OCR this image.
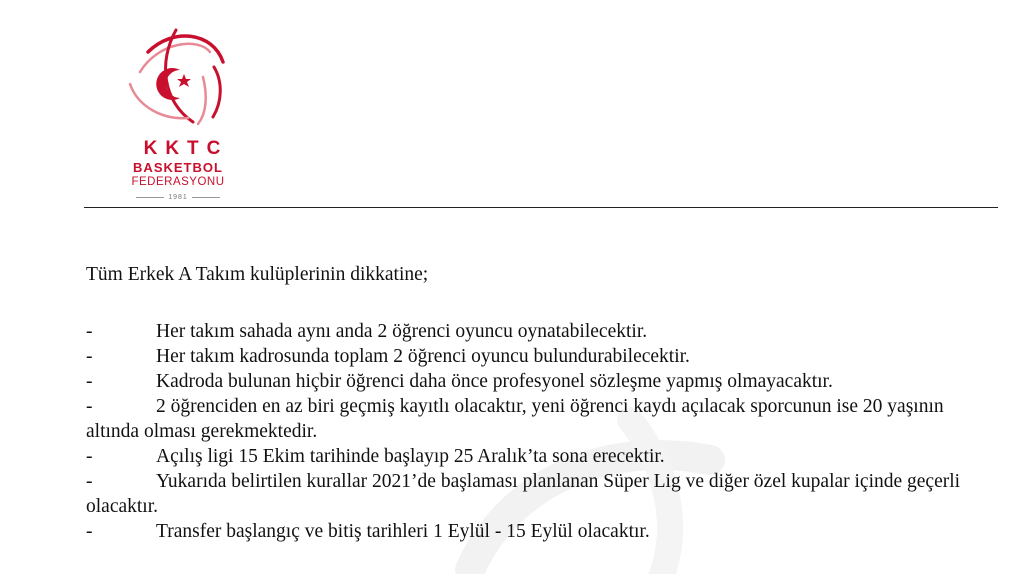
KKTC
BASKETBOL
FEDERASYONU
1981

Tüm Erkek A Takım kulüplerinin dikkatine;

-	Her takım sahada aynı anda 2 öğrenci oyuncu oynatabilecektir.
-	Her takım kadrosunda toplam 2 öğrenci oyuncu bulundurabilecektir.
-	Kadroda bulunan hiçbir öğrenci daha önce profesyonel sözleşme yapmış olmayacaktır.
-	2 öğrenciden en az biri geçmiş kayıtlı olacaktır, yeni öğrenci kaydı açılacak sporcunun ise 20 yaşının altında olması gerekmektedir.
-	Açılış ligi 15 Ekim tarihinde başlayıp 25 Aralık’ta sona erecektir.
-	Yukarıda belirtilen kurallar 2021’de başlaması planlanan Süper Lig ve diğer özel kupalar içinde geçerli olacaktır.
-	Transfer başlangıç ve bitiş tarihleri 1 Eylül - 15 Eylül olacaktır.
